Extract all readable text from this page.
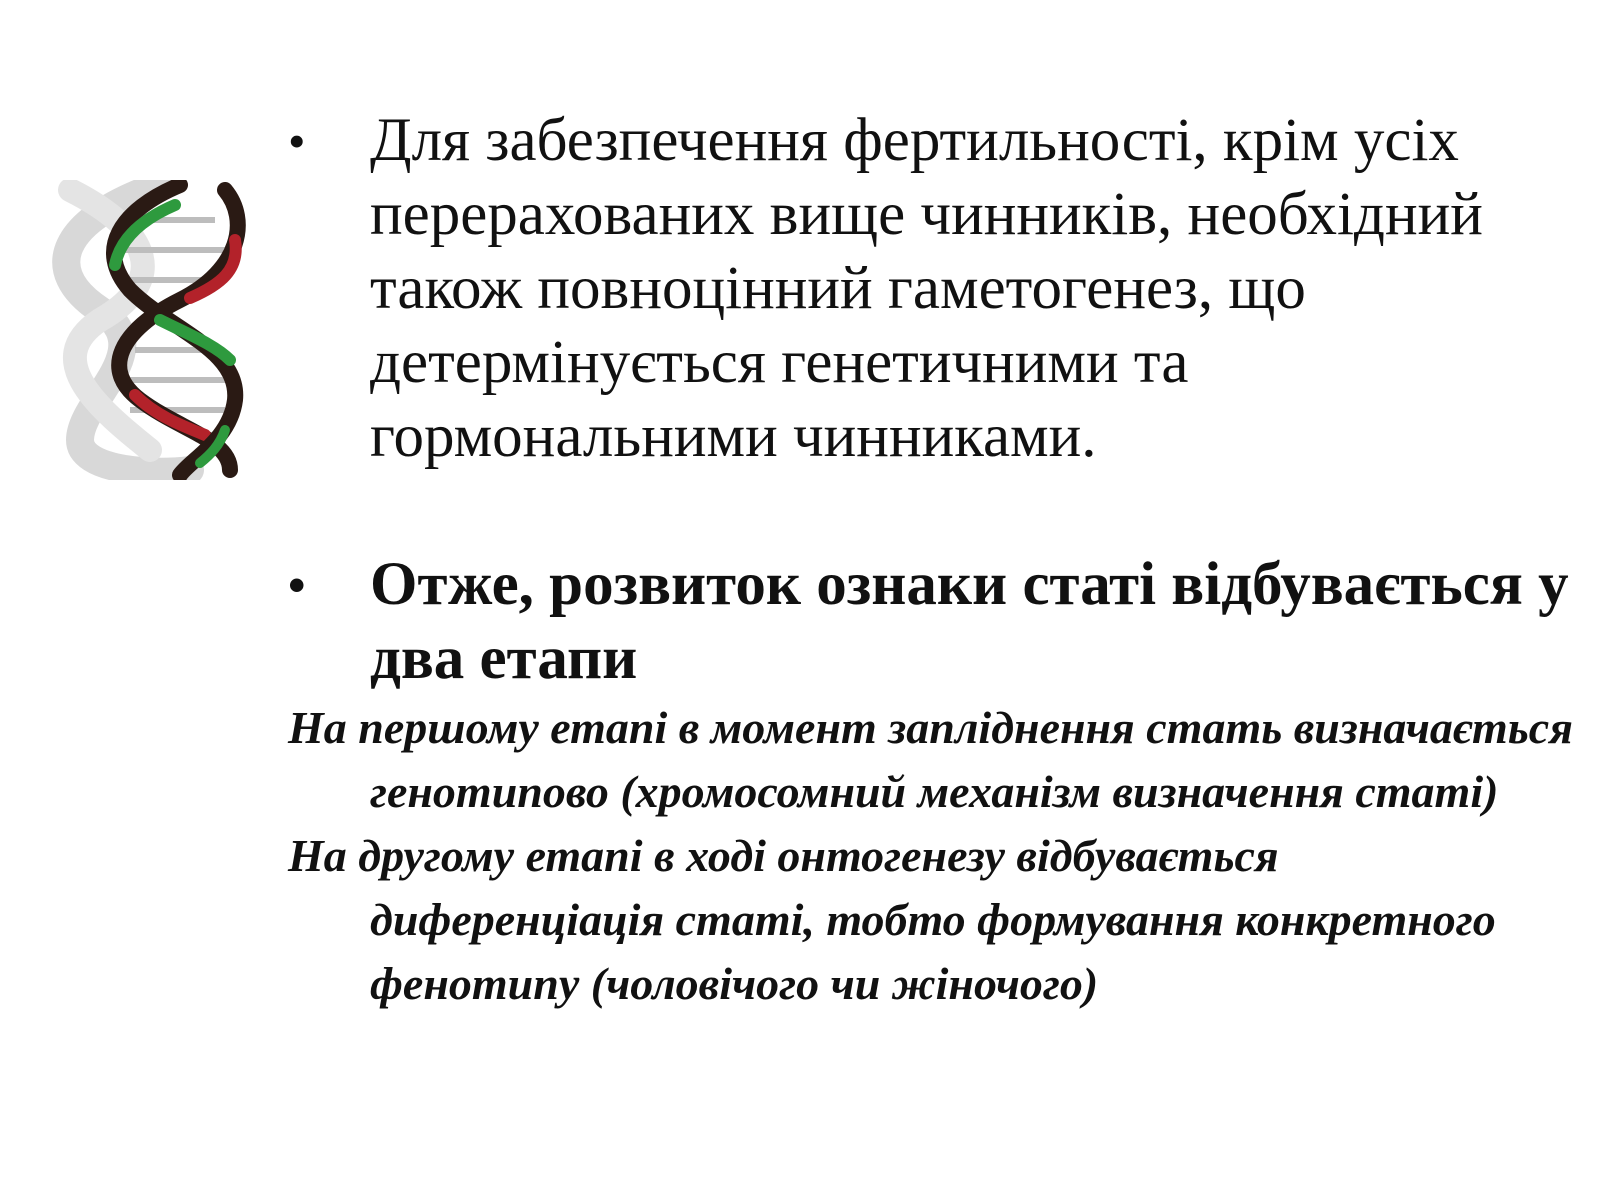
•	Для забезпечення фертильності, крім усіх перерахованих вище чинників, необхідний також повноцінний гаметогенез, що детермінується генетичними та гормональними чинниками.
•	Отже, розвиток ознаки статі відбувається у два етапи
На першому етапі в момент запліднення стать визначається генотипово (хромосомний механізм визначення статі)
На другому етапі в ході онтогенезу відбувається диференціація статі, тобто формування конкретного фенотипу (чоловічого чи жіночого)
